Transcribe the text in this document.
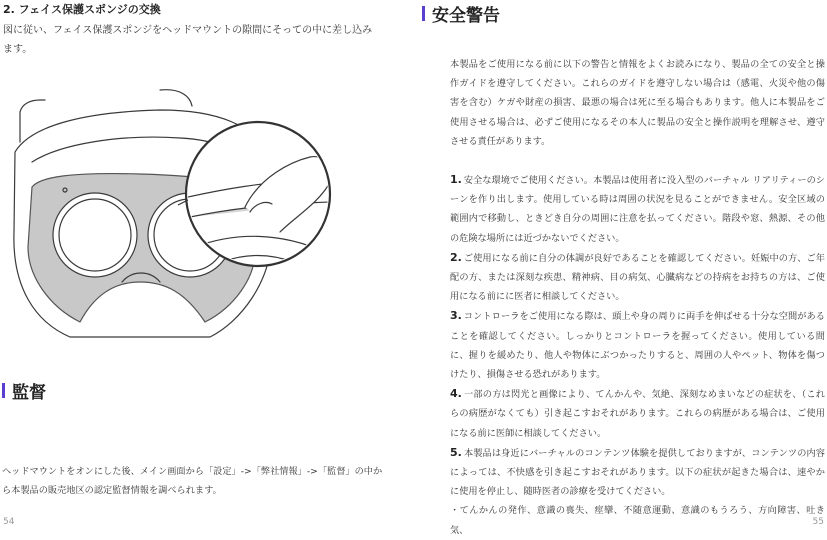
2. フェイス保護スポンジの交換

図に従い、フェイス保護スポンジをヘッドマウントの隙間にそっての中に差し込みます。

監督

ヘッドマウントをオンにした後、メイン画面から「設定」->「弊社情報」->「監督」の中から本製品の販売地区の認定監督情報を調べられます。

54

安全警告

本製品をご使用になる前に以下の警告と情報をよくお読みになり、製品の全ての安全と操作ガイドを遵守してください。これらのガイドを遵守しない場合は（感電、火災や他の傷害を含む）ケガや財産の損害、最悪の場合は死に至る場合もあります。他人に本製品をご使用させる場合は、必ずご使用になるその本人に製品の安全と操作説明を理解させ、遵守させる責任があります。

1. 安全な環境でご使用ください。本製品は使用者に没入型のバーチャル リアリティーのシーンを作り出します。使用している時は周囲の状況を見ることができません。安全区域の範囲内で移動し、ときどき自分の周囲に注意を払ってください。階段や窓、熱源、その他の危険な場所には近づかないでください。

2. ご使用になる前に自分の体調が良好であることを確認してください。妊娠中の方、ご年配の方、または深刻な疾患、精神病、目の病気、心臓病などの持病をお持ちの方は、ご使用になる前にに医者に相談してください。

3. コントローラをご使用になる際は、頭上や身の周りに両手を伸ばせる十分な空間があることを確認してください。しっかりとコントローラを握ってください。使用している間に、握りを緩めたり、他人や物体にぶつかったりすると、周囲の人やペット、物体を傷つけたり、損傷させる恐れがあります。

4. 一部の方は閃光と画像により、てんかんや、気絶、深刻なめまいなどの症状を、（これらの病歴がなくても）引き起こすおそれがあります。これらの病歴がある場合は、ご使用になる前に医師に相談してください。

5. 本製品は身近にバーチャルのコンテンツ体験を提供しておりますが、コンテンツの内容によっては、不快感を引き起こすおそれがあります。以下の症状が起きた場合は、速やかに使用を停止し、随時医者の診療を受けてください。

・てんかんの発作、意識の喪失、痙攣、不随意運動、意識のもうろう、方向障害、吐き気、

55
